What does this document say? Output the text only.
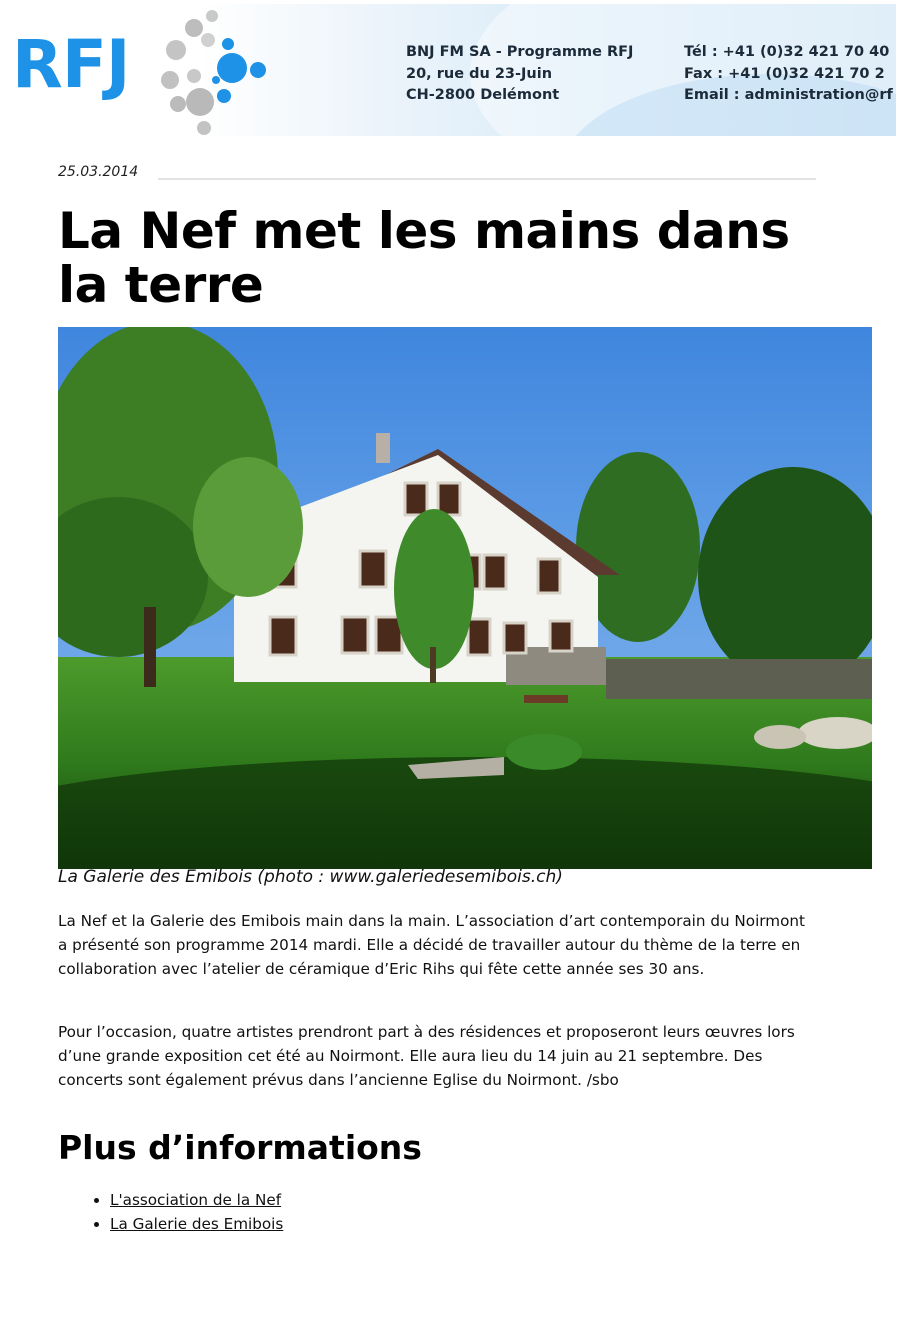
RFJ	BNJ FM SA - Programme RFJ
20, rue du 23-Juin
CH-2800 Delémont
Tél : +41 (0)32 421 70 40
Fax : +41 (0)32 421 70 2
Email : administration@rf
25.03.2014
La Nef met les mains dans la terre
La Galerie des Emibois (photo : www.galeriedesemibois.ch)

La Nef et la Galerie des Emibois main dans la main. L’association d’art contemporain du Noirmont a présenté son programme 2014 mardi. Elle a décidé de travailler autour du thème de la terre en collaboration avec l’atelier de céramique d’Eric Rihs qui fête cette année ses 30 ans.

Pour l’occasion, quatre artistes prendront part à des résidences et proposeront leurs œuvres lors d’une grande exposition cet été au Noirmont. Elle aura lieu du 14 juin au 21 septembre. Des concerts sont également prévus dans l’ancienne Eglise du Noirmont. /sbo

Plus d’informations
• L'association de la Nef
• La Galerie des Emibois
